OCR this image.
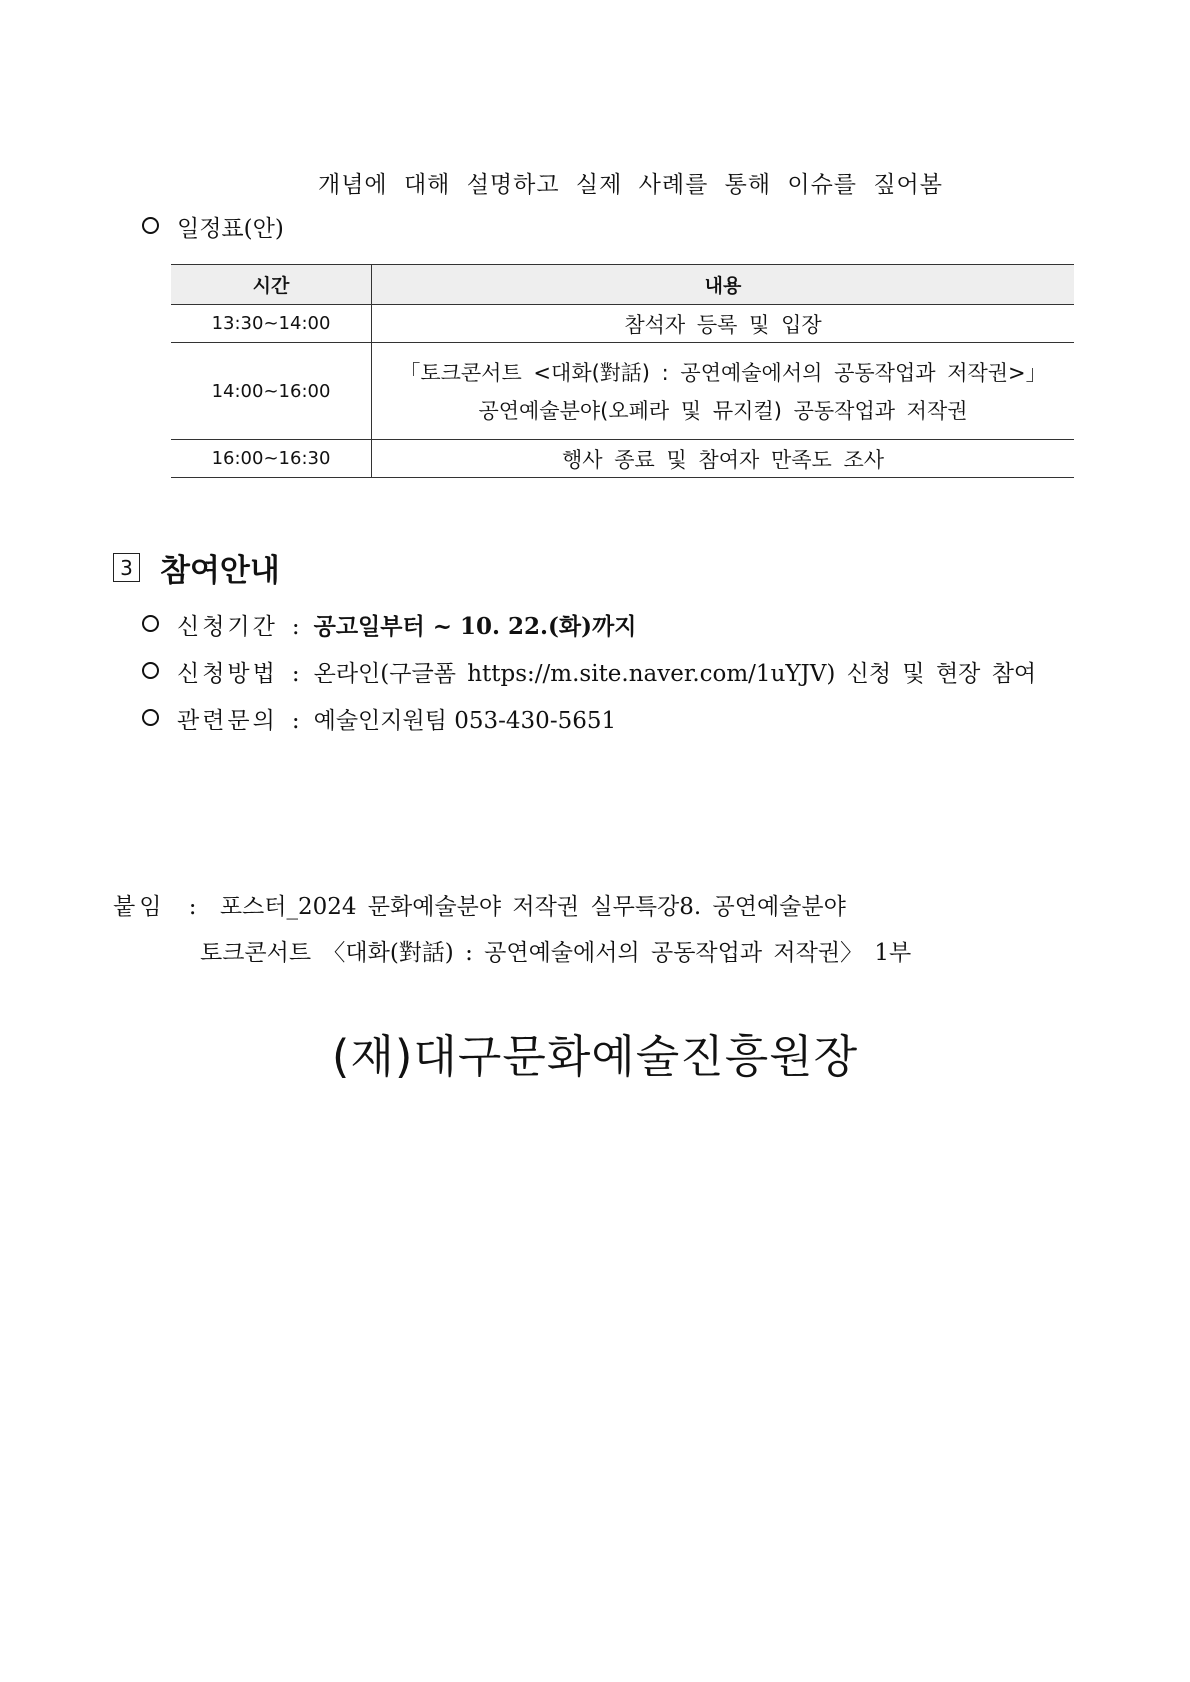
개념에 대해 설명하고 실제 사례를 통해 이슈를 짚어봄
일정표(안)
시간	내용
13:30~14:00	참석자 등록 및 입장
14:00~16:00	「토크콘서트 <대화(對話) : 공연예술에서의 공동작업과 저작권>」
공연예술분야(오페라 및 뮤지컬) 공동작업과 저작권

16:00~16:30	행사 종료 및 참여자 만족도 조사
3 참여안내
신청기간 : 공고일부터 ~ 10. 22.(화)까지
신청방법 : 온라인(구글폼 https://m.site.naver.com/1uYJV) 신청 및 현장 참여
관련문의 : 예술인지원팀 053-430-5651
붙임 : 포스터_2024 문화예술분야 저작권 실무특강8. 공연예술분야
토크콘서트 〈대화(對話) : 공연예술에서의 공동작업과 저작권〉 1부
(재)대구문화예술진흥원장
